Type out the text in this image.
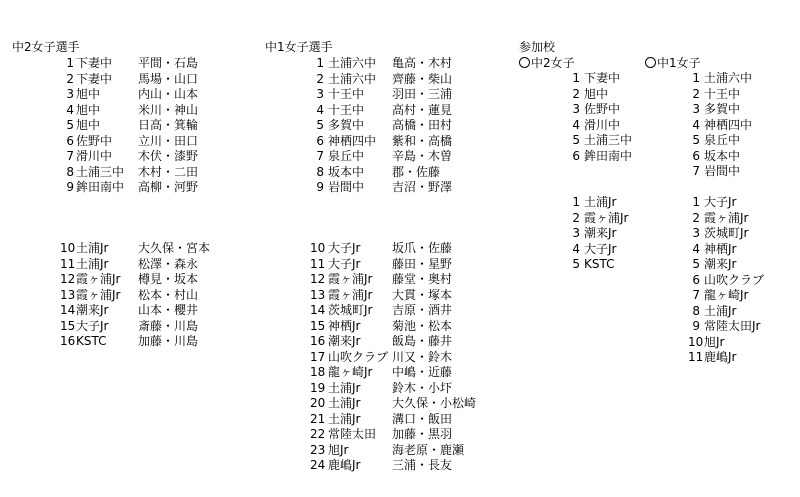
中2女子選手	中1女子選手	参加校
中2女子	中1女子
1 下妻中 平間・石島
2 下妻中 馬場・山口
3 旭中	内山・山本
4 旭中	米川・神山
5 旭中	日高・箕輪
6 佐野中 立川・田口
7 滑川中 木伏・漆野
8 土浦三中 木村・二田
9 鉾田南中 高柳・河野
10 土浦Jr 大久保・宮本
11 土浦Jr 松澤・森永
12 霞ヶ浦Jr 樽見・坂本
13 霞ヶ浦Jr 松本・村山
14 潮来Jr 山本・櫻井
15 大子Jr 斎藤・川島
16 KSTC	加藤・川島
1 土浦六中 亀高・木村
2 土浦六中 齊藤・柴山
3 十王中 羽田・三浦
4 十王中 高村・蓮見
5 多賀中 高橋・田村
6 神栖四中 紫和・高橋
7 泉丘中 辛島・木曽
8 坂本中 郡・佐藤
9 岩間中 吉沼・野澤
10 大子Jr	坂爪・佐藤
11 大子Jr	藤田・星野
12 霞ヶ浦Jr 藤堂・奥村
13 霞ヶ浦Jr 大貫・塚本
14 茨城町Jr 吉原・酒井
15 神栖Jr	菊池・松本
16 潮来Jr	飯島・藤井
17 山吹クラブ 川又・鈴木
18 龍ヶ崎Jr 中嶋・近藤
19 土浦Jr	鈴木・小圷
20 土浦Jr	大久保・小松崎
21 土浦Jr	溝口・飯田
22 常陸太田 加藤・黒羽
23 旭Jr	海老原・鹿瀬
24 鹿嶋Jr	三浦・長友
1 下妻中
2 旭中
3 佐野中
4 滑川中
5 土浦三中
6 鉾田南中
1 土浦Jr
2 霞ヶ浦Jr
3 潮来Jr
4 大子Jr
5 KSTC
1 土浦六中
2 十王中
3 多賀中
4 神栖四中
5 泉丘中
6 坂本中
7 岩間中
1 大子Jr
2 霞ヶ浦Jr
3 茨城町Jr
4 神栖Jr
5 潮来Jr
6 山吹クラブ
7 龍ヶ崎Jr
8 土浦Jr
9 常陸太田Jr
10 旭Jr
11 鹿嶋Jr
